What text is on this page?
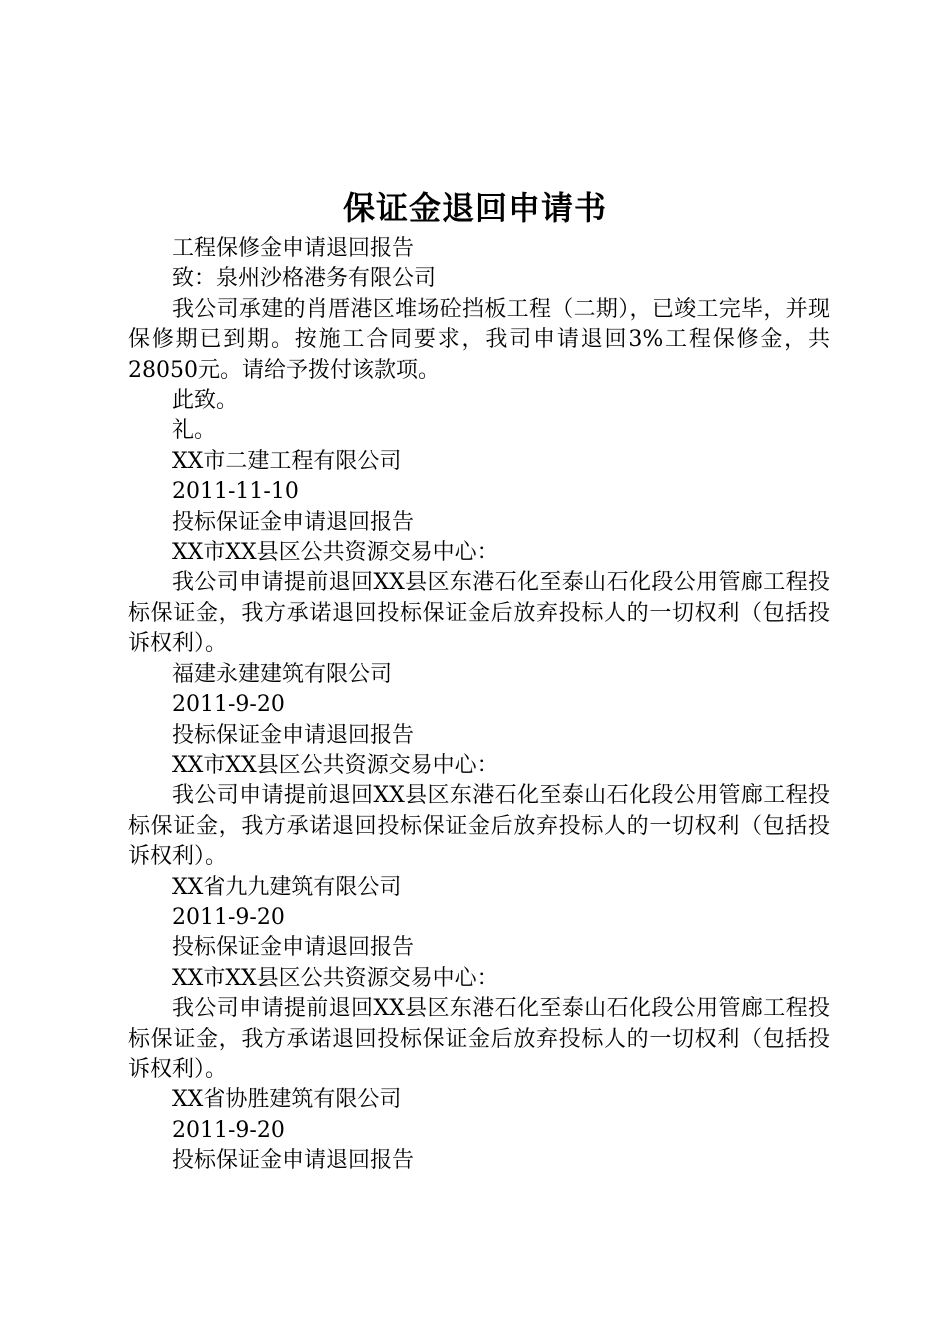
保证金退回申请书

工程保修金申请退回报告

致：泉州沙格港务有限公司

我公司承建的肖厝港区堆场砼挡板工程（二期），已竣工完毕，并现保修期已到期。按施工合同要求，我司申请退回3%工程保修金，共28050元。请给予拨付该款项。

此致。

礼。

XX市二建工程有限公司

2011-11-10

投标保证金申请退回报告

XX市XX县区公共资源交易中心：

我公司申请提前退回XX县区东港石化至泰山石化段公用管廊工程投标保证金，我方承诺退回投标保证金后放弃投标人的一切权利（包括投诉权利）。

福建永建建筑有限公司

2011-9-20

投标保证金申请退回报告

XX市XX县区公共资源交易中心：

我公司申请提前退回XX县区东港石化至泰山石化段公用管廊工程投标保证金，我方承诺退回投标保证金后放弃投标人的一切权利（包括投诉权利）。

XX省九九建筑有限公司

2011-9-20

投标保证金申请退回报告

XX市XX县区公共资源交易中心：

我公司申请提前退回XX县区东港石化至泰山石化段公用管廊工程投标保证金，我方承诺退回投标保证金后放弃投标人的一切权利（包括投诉权利）。

XX省协胜建筑有限公司

2011-9-20

投标保证金申请退回报告
